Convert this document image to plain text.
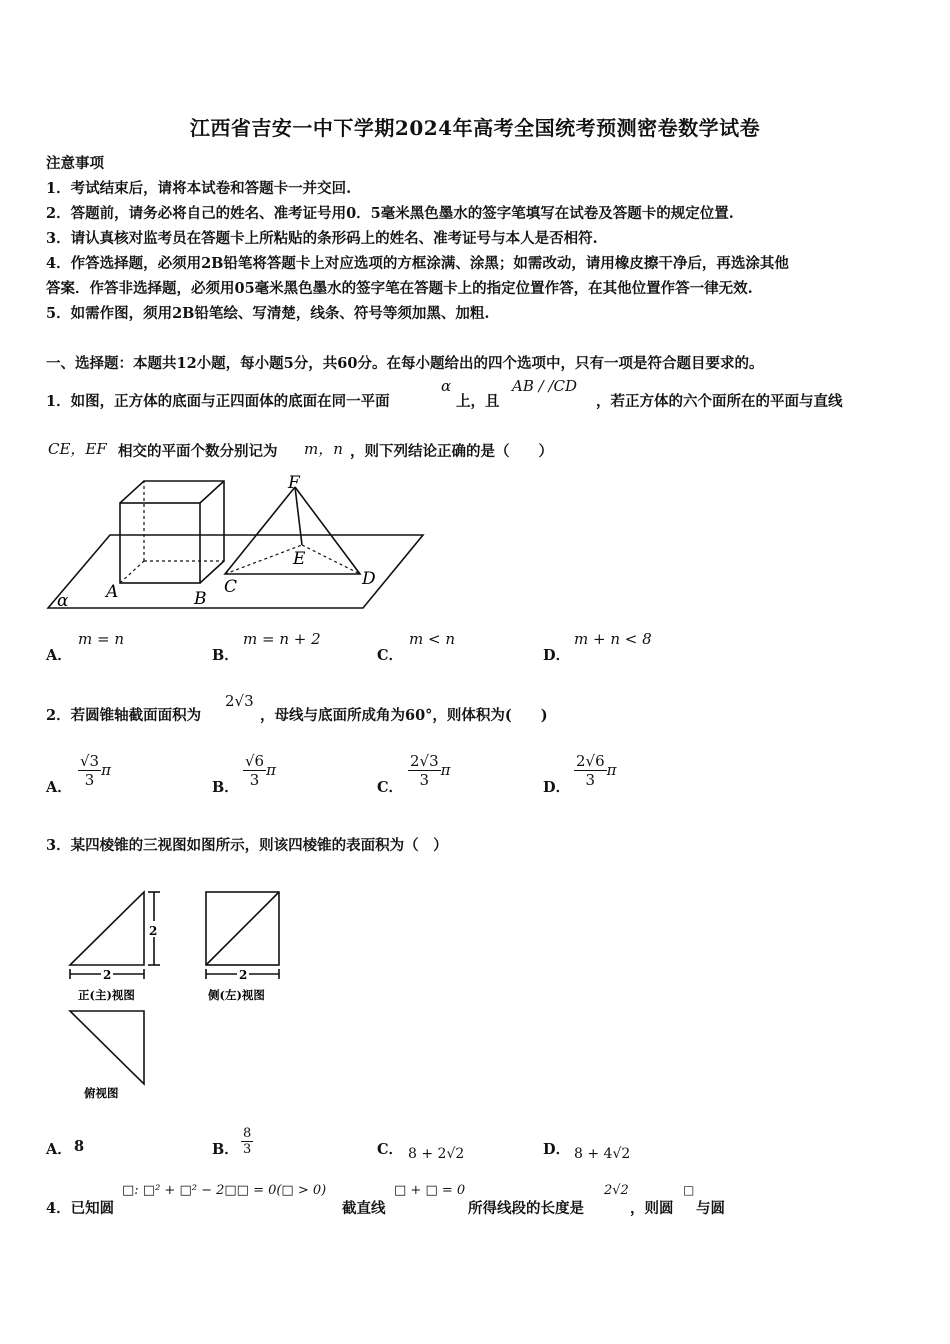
江西省吉安一中下学期2024年高考全国统考预测密卷数学试卷
注意事项
1．考试结束后，请将本试卷和答题卡一并交回.
2．答题前，请务必将自己的姓名、准考证号用0．5毫米黑色墨水的签字笔填写在试卷及答题卡的规定位置.
3．请认真核对监考员在答题卡上所粘贴的条形码上的姓名、准考证号与本人是否相符.
4．作答选择题，必须用2B铅笔将答题卡上对应选项的方框涂满、涂黑；如需改动，请用橡皮擦干净后，再选涂其他
答案．作答非选择题，必须用05毫米黑色墨水的签字笔在答题卡上的指定位置作答，在其他位置作答一律无效.
5．如需作图，须用2B铅笔绘、写清楚，线条、符号等须加黑、加粗.
一、选择题：本题共12小题，每小题5分，共60分。在每小题给出的四个选项中，只有一项是符合题目要求的。
1．如图，正方体的底面与正四面体的底面在同一平面
α
上，且
AB / /CD
，若正方体的六个面所在的平面与直线
CE，EF 相交的平面个数分别记为 m，n ，则下列结论正确的是（　　）
F
E
A	B
C	D
α
A．
m = n
B．
m = n + 2
C．
m < n
D．
m + n < 8
2．若圆锥轴截面面积为
2√3
，母线与底面所成角为60°，则体积为(　　)
A． $\frac{√3}{3}$ π
B． $\frac{√6}{3}$ π
C． $\frac{2√3}{3}$ π
D． $\frac{2√6}{3}$ π
3．某四棱锥的三视图如图所示，则该四棱锥的表面积为（　）
2
2	2
正(主)视图	侧(左)视图
俯视图
A． 8	B． $\frac{8}{3}$	C． 8 + 2√2	D． 8 + 4√2
4．已知圆
□: □² + □² − 2□□ = 0(□ > 0)
截直线
□ + □ = 0
所得线段的长度是
2√2
，则圆
□
与圆
